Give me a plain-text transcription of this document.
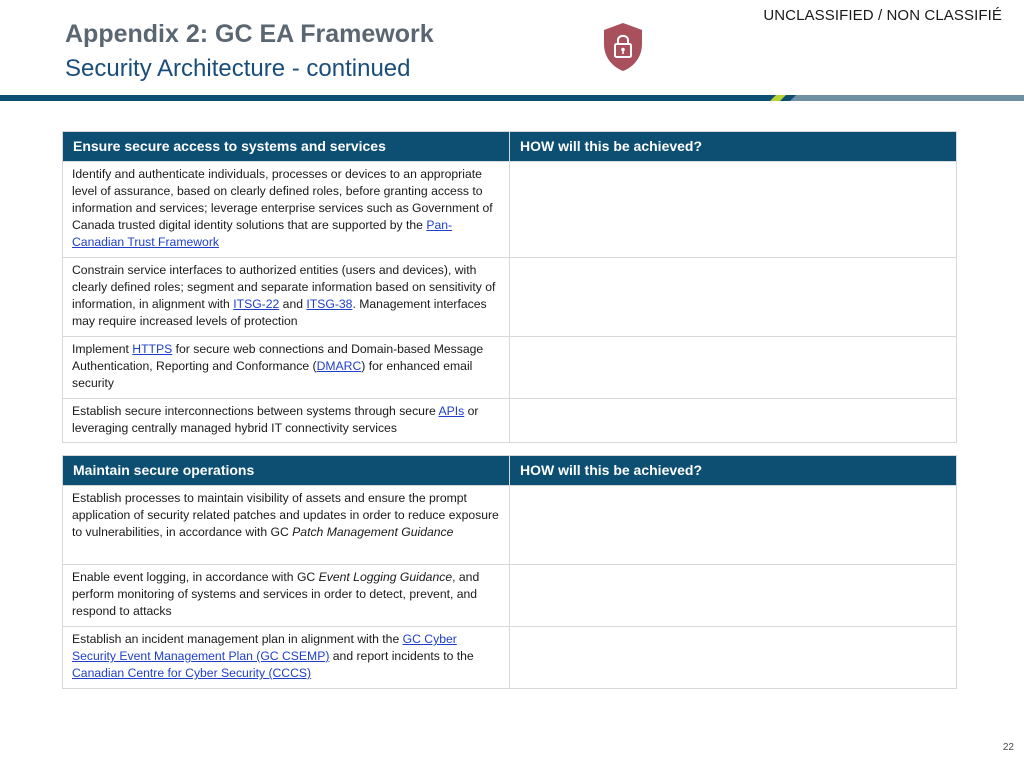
UNCLASSIFIED / NON CLASSIFIÉ
Appendix 2: GC EA Framework
Security Architecture - continued
Ensure secure access to systems and services	HOW will this be achieved?
Identify and authenticate individuals, processes or devices to an appropriate level of assurance, based on clearly defined roles, before granting access to information and services; leverage enterprise services such as Government of Canada trusted digital identity solutions that are supported by the Pan-Canadian Trust Framework	
Constrain service interfaces to authorized entities (users and devices), with clearly defined roles; segment and separate information based on sensitivity of information, in alignment with ITSG-22 and ITSG-38. Management interfaces may require increased levels of protection	
Implement HTTPS for secure web connections and Domain-based Message Authentication, Reporting and Conformance (DMARC) for enhanced email security	
Establish secure interconnections between systems through secure APIs or leveraging centrally managed hybrid IT connectivity services	
Maintain secure operations	HOW will this be achieved?
Establish processes to maintain visibility of assets and ensure the prompt application of security related patches and updates in order to reduce exposure to vulnerabilities, in accordance with GC Patch Management Guidance	
Enable event logging, in accordance with GC Event Logging Guidance, and perform monitoring of systems and services in order to detect, prevent, and respond to attacks	
Establish an incident management plan in alignment with the GC Cyber Security Event Management Plan (GC CSEMP) and report incidents to the Canadian Centre for Cyber Security (CCCS)	
22
